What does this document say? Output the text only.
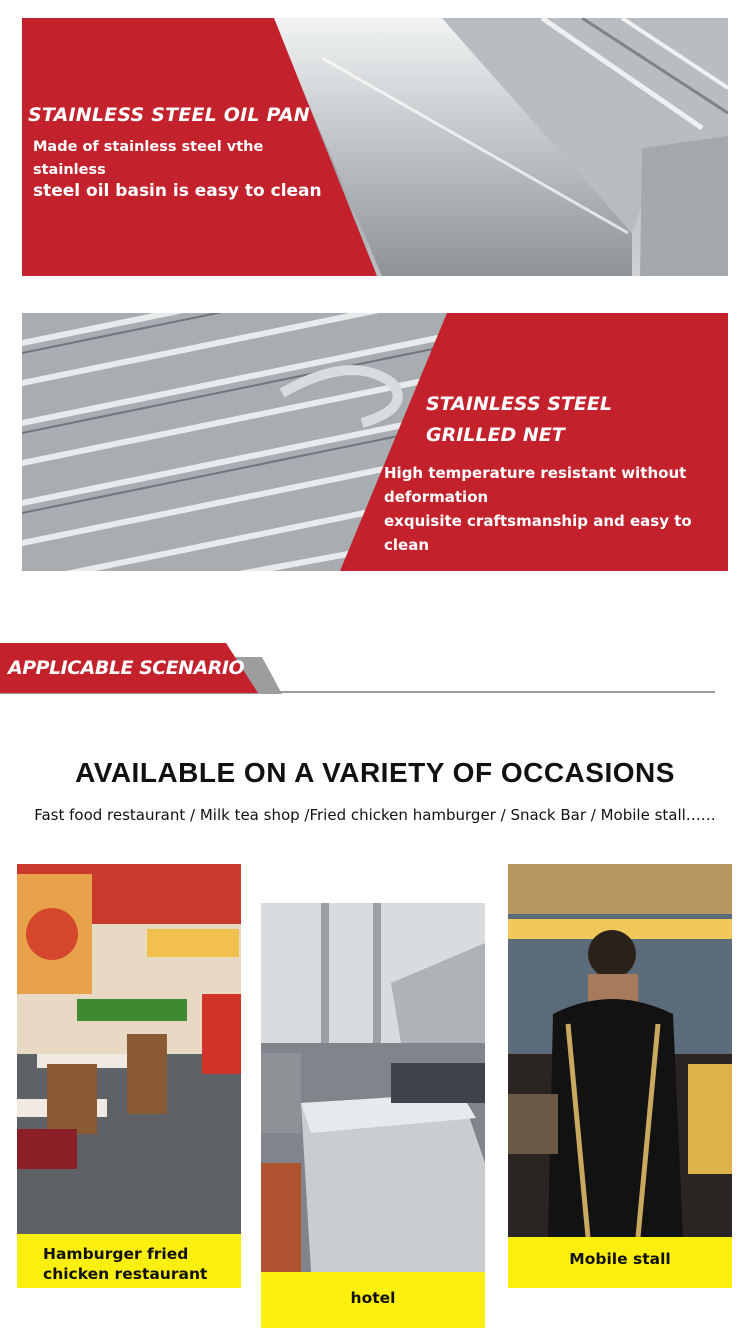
STAINLESS STEEL OIL PAN
Made of stainless steel vthe stainless
steel oil basin is easy to clean
STAINLESS STEEL
GRILLED NET
High temperature resistant without deformation
exquisite craftsmanship and easy to clean
APPLICABLE SCENARIO
AVAILABLE ON A VARIETY OF OCCASIONS
Fast food restaurant / Milk tea shop /Fried chicken hamburger / Snack Bar / Mobile stall……
Hamburger fried chicken restaurant
hotel
Mobile stall
